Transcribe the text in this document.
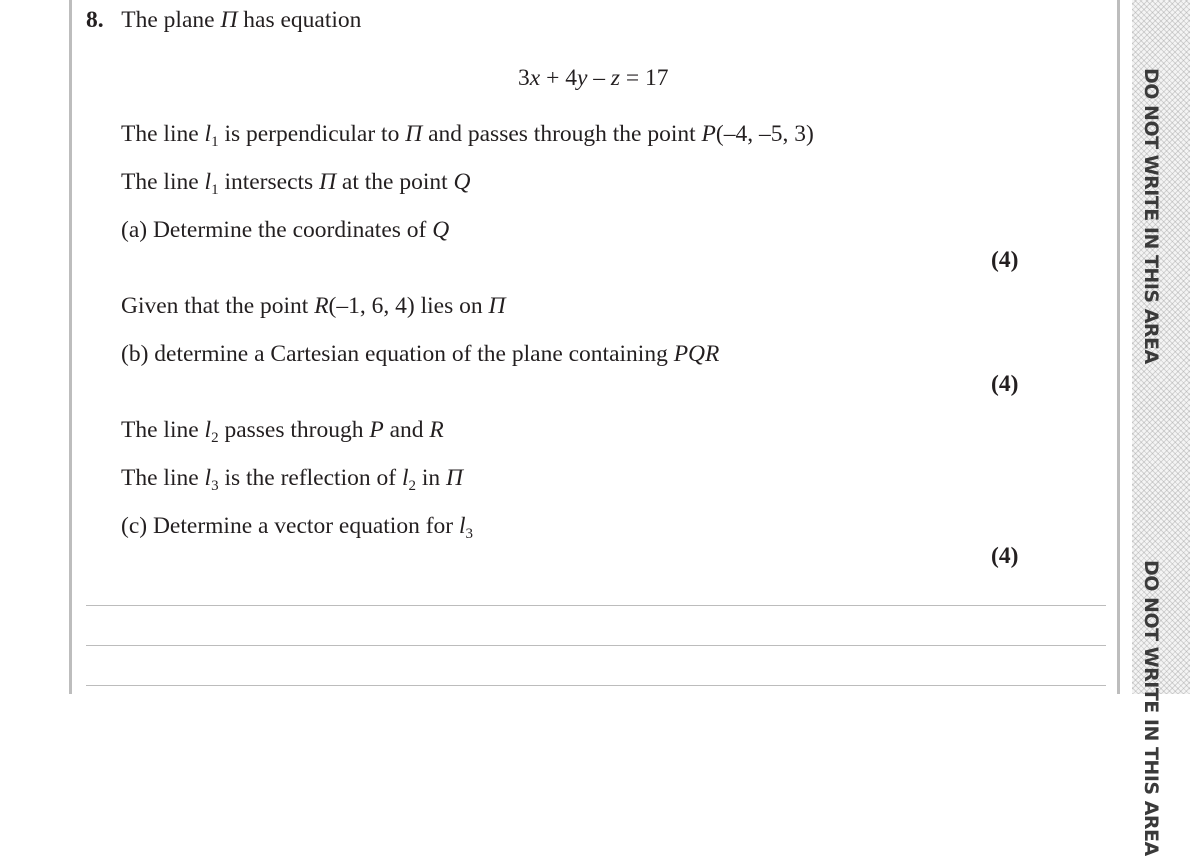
DO NOT WRITE IN THIS AREA
DO NOT WRITE IN THIS AREA
8. The plane Π has equation
3x + 4y – z = 17
The line $l_1$ is perpendicular to Π and passes through the point P(–4, –5, 3)
The line $l_1$ intersects Π at the point Q
(a) Determine the coordinates of Q
(4)
Given that the point R(–1, 6, 4) lies on Π
(b) determine a Cartesian equation of the plane containing PQR
(4)
The line $l_2$ passes through P and R
The line $l_3$ is the reflection of $l_2$ in Π
(c) Determine a vector equation for $l_3$
(4)
